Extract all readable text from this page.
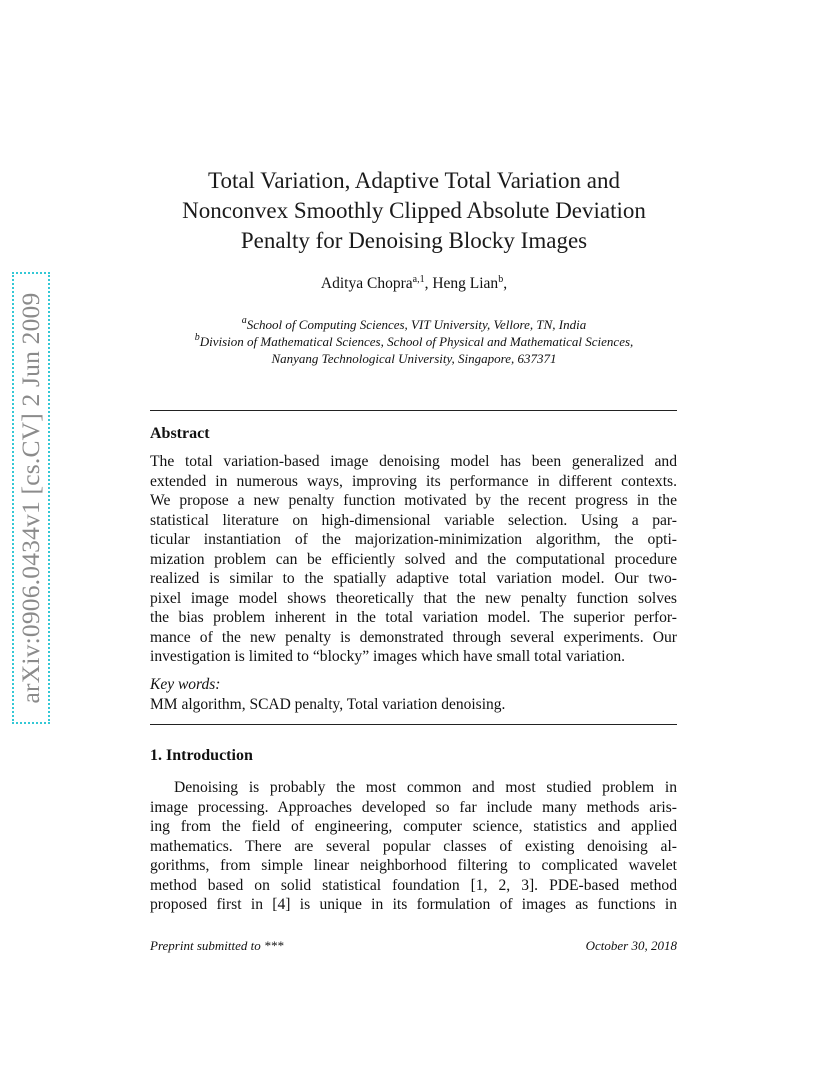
arXiv:0906.0434v1 [cs.CV] 2 Jun 2009
Total Variation, Adaptive Total Variation and
Nonconvex Smoothly Clipped Absolute Deviation
Penalty for Denoising Blocky Images
Aditya Chopra$^{a,1}$, Heng Lian$^b$,
$^a$School of Computing Sciences, VIT University, Vellore, TN, India
$^b$Division of Mathematical Sciences, School of Physical and Mathematical Sciences,
Nanyang Technological University, Singapore, 637371
Abstract
The total variation-based image denoising model has been generalized and
extended in numerous ways, improving its performance in different contexts.
We propose a new penalty function motivated by the recent progress in the
statistical literature on high-dimensional variable selection. Using a par-
ticular instantiation of the majorization-minimization algorithm, the opti-
mization problem can be efficiently solved and the computational procedure
realized is similar to the spatially adaptive total variation model. Our two-
pixel image model shows theoretically that the new penalty function solves
the bias problem inherent in the total variation model. The superior perfor-
mance of the new penalty is demonstrated through several experiments. Our
investigation is limited to “blocky” images which have small total variation.
Key words:
MM algorithm, SCAD penalty, Total variation denoising.
1. Introduction
Denoising is probably the most common and most studied problem in
image processing. Approaches developed so far include many methods aris-
ing from the field of engineering, computer science, statistics and applied
mathematics. There are several popular classes of existing denoising al-
gorithms, from simple linear neighborhood filtering to complicated wavelet
method based on solid statistical foundation [1, 2, 3]. PDE-based method
proposed first in [4] is unique in its formulation of images as functions in
Preprint submitted to ***	October 30, 2018
